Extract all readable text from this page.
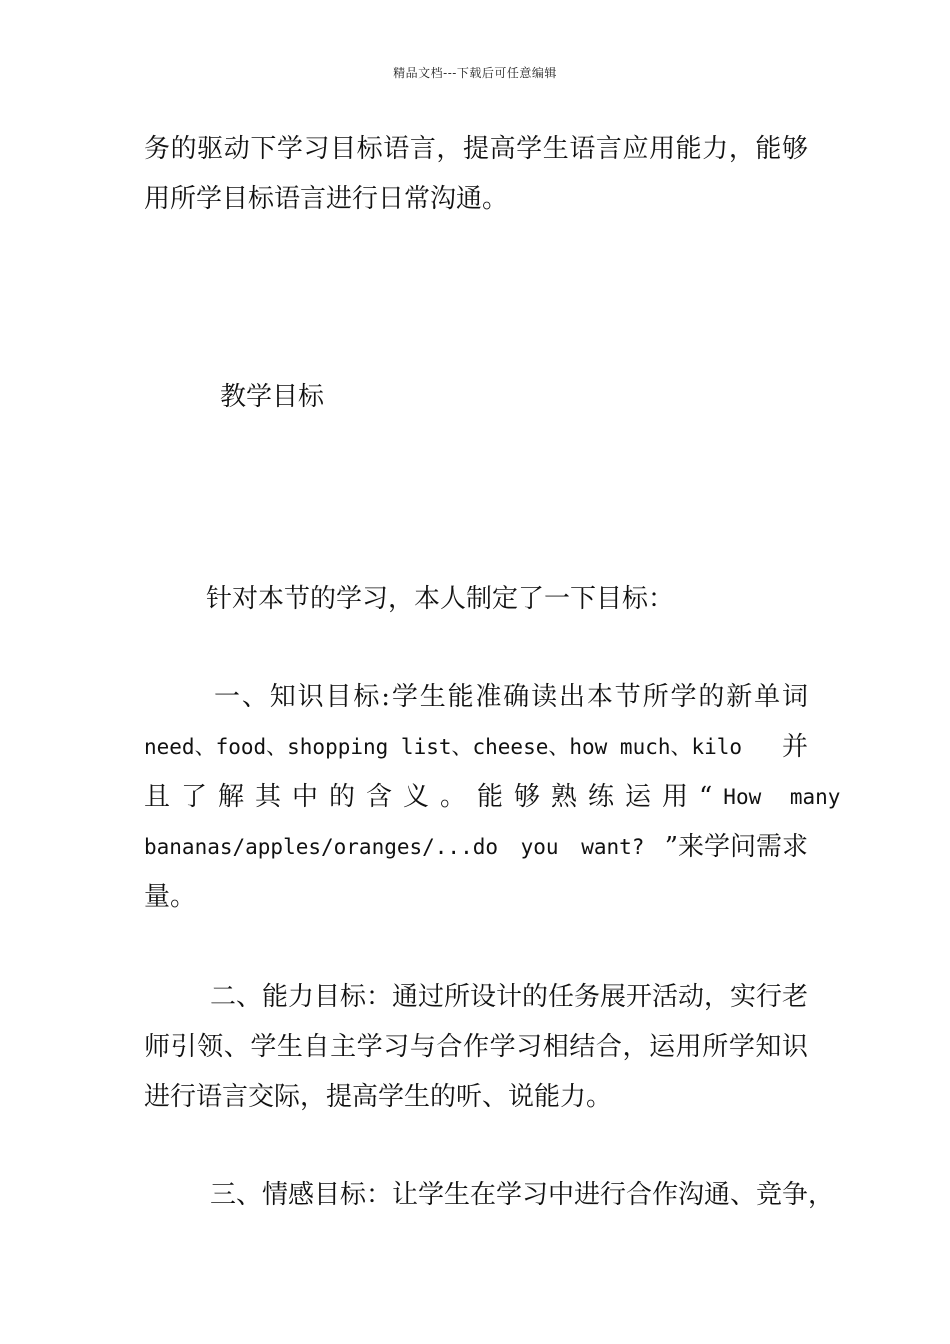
精品文档---下载后可任意编辑
务的驱动下学习目标语言，提高学生语言应用能力，能够
用所学目标语言进行日常沟通。
教学目标
针对本节的学习，本人制定了一下目标：
一、知识目标:学生能准确读出本节所学的新单词
need、food、shopping list、cheese、how much、kilo 并
且了解其中的含义。能够熟练运用“ How many
bananas/apples/oranges/...do you want? ”来学问需求
量。
二、能力目标：通过所设计的任务展开活动，实行老
师引领、学生自主学习与合作学习相结合，运用所学知识
进行语言交际，提高学生的听、说能力。
三、情感目标：让学生在学习中进行合作沟通、竞争，
